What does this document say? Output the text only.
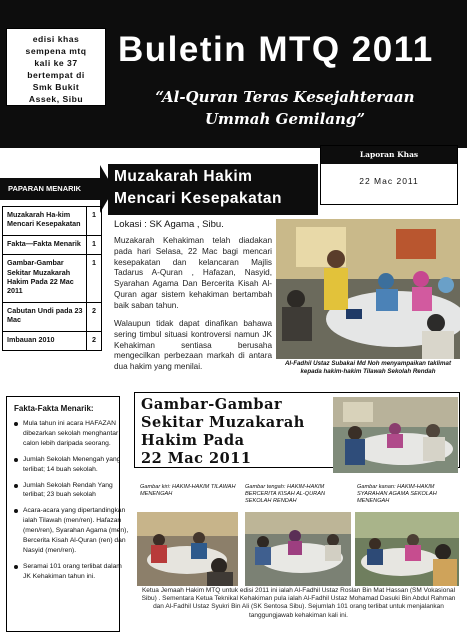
edisi khas
sempena mtq
kali ke 37
bertempat di
Smk Bukit
Assek, Sibu
Buletin MTQ 2011
“Al-Quran Teras Kesejahteraan
Ummah Gemilang”
Laporan Khas
22 Mac 2011
PAPARAN MENARIK
Muzakarah Ha-kim Mencari Kesepakatan	1
Fakta—Fakta Menarik	1
Gambar-Gambar Sekitar Muzakarah Hakim Pada 22 Mac 2011	1
Cabutan Undi pada 23 Mac	2
Imbauan 2010	2
Muzakarah Hakim
Mencari Kesepakatan
Lokasi : SK Agama , Sibu.
Muzakarah Kehakiman telah diadakan pada hari Selasa, 22 Mac bagi mencari kesepakatan dan kelancaran Majlis Tadarus A-Quran , Hafazan, Nasyid, Syarahan Agama Dan Bercerita Kisah Al-Quran agar sistem kehakiman bertambah baik saban tahun.
Walaupun tidak dapat dinafikan bahawa sering timbul situasi kontroversi namun JK Kehakiman sentiasa berusaha mengecilkan perbezaan markah di antara dua hakim yang menilai.	Al-Fadhil Ustaz Subakai Md Noh menyampaikan taklimat kepada hakim-hakim Tilawah Sekolah Rendah
Fakta-Fakta Menarik:
Mula tahun ini acara HAFAZAN dibezarkan sekolah menghantar calon lebih daripada seorang.
Jumlah Sekolah Menengah yang terlibat; 14 buah sekolah.
Jumlah Sekolah Rendah Yang terlibat; 23 buah sekolah
Acara-acara yang dipertandingkan ialah Tilawah (men/ren). Hafazan (men/ren), Syarahan Agama (men), Bercerita Kisah Al-Quran (ren) dan Nasyid (men/ren).
Seramai 101 orang terlibat dalam JK Kehakiman tahun ini.
Gambar-Gambar
Sekitar Muzakarah
Hakim Pada
22 Mac 2011
Gambar kiri: HAKIM-HAKIM TILAWAH MENENGAH
Gambar tengah: HAKIM-HAKIM BERCERITA KISAH AL-QURAN SEKOLAH RENDAH
Gambar kanan: HAKIM-HAKIM SYARAHAN AGAMA SEKOLAH MENENGAH
Ketua Jemaah Hakim MTQ untuk edisi 2011 ini ialah Al-Fadhil Ustaz Roslan Bin Mat Hassan (SM Vokasional Sibu) . Sementara Ketua Teknikal Kehakiman pula ialah Al-Fadhil Ustaz Mohamad Dasuki Bin Abdul Rahman dan Al-Fadhil Ustaz Syukri Bin Ali (SK Sentosa Sibu). Sejumlah 101 orang terlibat untuk menjalankan tanggungjawab kehakiman kali ini.
